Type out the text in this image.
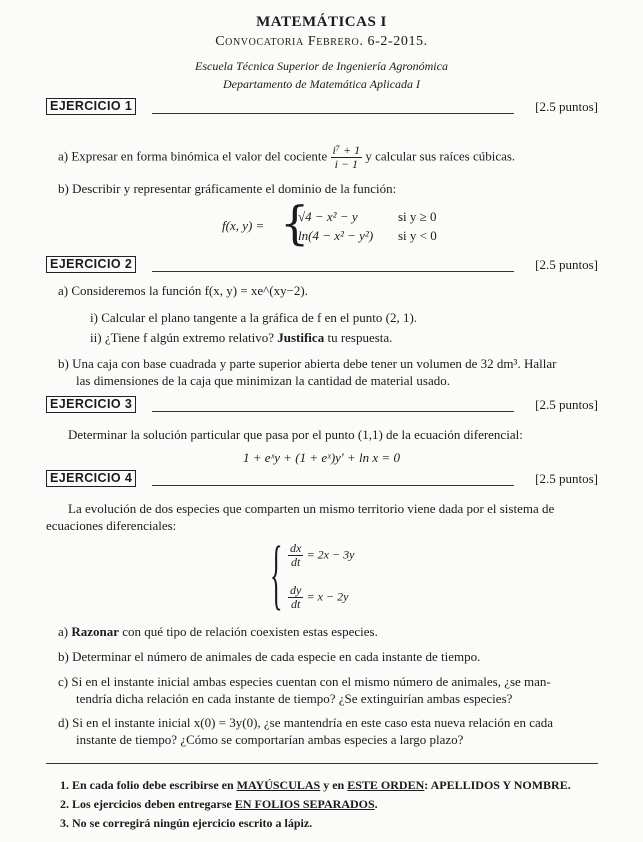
MATEMÁTICAS I
Convocatoria Febrero. 6-2-2015.
Escuela Técnica Superior de Ingeniería Agronómica
Departamento de Matemática Aplicada I
EJERCICIO 1	[2.5 puntos]
a) Expresar en forma binómica el valor del cociente $\frac{\text{i⁷ + 1}}{i - 1}$ y calcular sus raíces cúbicas.
b) Describir y representar gráficamente el dominio de la función:
f(x, y) = {
√4 − x² − y	si y ≥ 0
ln(4 − x² − y²) si y < 0
EJERCICIO 2	[2.5 puntos]
a) Consideremos la función f(x, y) = xe^(xy−2).
i) Calcular el plano tangente a la gráfica de f en el punto (2, 1).
ii) ¿Tiene f algún extremo relativo? Justifica tu respuesta.
b) Una caja con base cuadrada y parte superior abierta debe tener un volumen de 32 dm³. Hallar
las dimensiones de la caja que minimizan la cantidad de material usado.
EJERCICIO 3	[2.5 puntos]
Determinar la solución particular que pasa por el punto (1,1) de la ecuación diferencial:
1 + eˣy + (1 + eˣ)y′ + ln x = 0
EJERCICIO 4	[2.5 puntos]
La evolución de dos especies que comparten un mismo territorio viene dada por el sistema de
ecuaciones diferenciales:
{ $\frac{dx}{dt} = 2x - 3y$
$\frac{dy}{dt} = x - 2y$
a) Razonar con qué tipo de relación coexisten estas especies.
b) Determinar el número de animales de cada especie en cada instante de tiempo.
c) Si en el instante inicial ambas especies cuentan con el mismo número de animales, ¿se man-
tendría dicha relación en cada instante de tiempo? ¿Se extinguirían ambas especies?
d) Si en el instante inicial x(0) = 3y(0), ¿se mantendría en este caso esta nueva relación en cada
instante de tiempo? ¿Cómo se comportarían ambas especies a largo plazo?
1. En cada folio debe escribirse en MAYÚSCULAS y en ESTE ORDEN: APELLIDOS Y NOMBRE.
2. Los ejercicios deben entregarse EN FOLIOS SEPARADOS.
3. No se corregirá ningún ejercicio escrito a lápiz.
